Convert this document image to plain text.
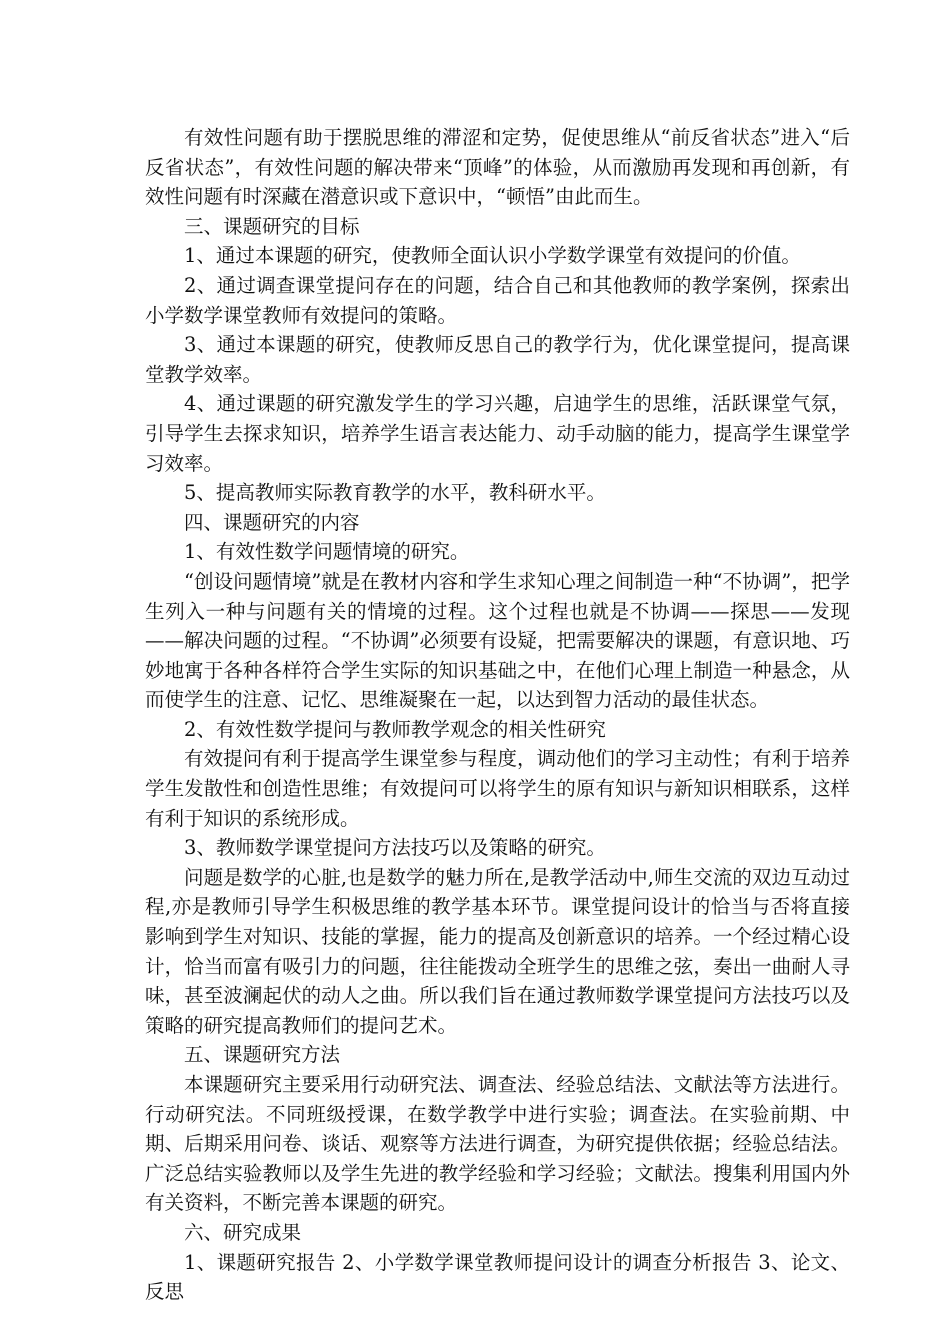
有效性问题有助于摆脱思维的滞涩和定势，促使思维从“前反省状态”进入“后反省状态”，有效性问题的解决带来“顶峰”的体验，从而激励再发现和再创新，有效性问题有时深藏在潜意识或下意识中，“顿悟”由此而生。

三、课题研究的目标

1、通过本课题的研究，使教师全面认识小学数学课堂有效提问的价值。

2、通过调查课堂提问存在的问题，结合自己和其他教师的教学案例，探索出小学数学课堂教师有效提问的策略。

3、通过本课题的研究，使教师反思自己的教学行为，优化课堂提问，提高课堂教学效率。

4、通过课题的研究激发学生的学习兴趣，启迪学生的思维，活跃课堂气氛，引导学生去探求知识，培养学生语言表达能力、动手动脑的能力，提高学生课堂学习效率。

5、提高教师实际教育教学的水平，教科研水平。

四、课题研究的内容

1、有效性数学问题情境的研究。

“创设问题情境”就是在教材内容和学生求知心理之间制造一种“不协调”，把学生列入一种与问题有关的情境的过程。这个过程也就是不协调——探思——发现——解决问题的过程。“不协调”必须要有设疑，把需要解决的课题，有意识地、巧妙地寓于各种各样符合学生实际的知识基础之中，在他们心理上制造一种悬念，从而使学生的注意、记忆、思维凝聚在一起，以达到智力活动的最佳状态。

2、有效性数学提问与教师教学观念的相关性研究

有效提问有利于提高学生课堂参与程度，调动他们的学习主动性；有利于培养学生发散性和创造性思维；有效提问可以将学生的原有知识与新知识相联系，这样有利于知识的系统形成。

3、教师数学课堂提问方法技巧以及策略的研究。

问题是数学的心脏,也是数学的魅力所在,是教学活动中,师生交流的双边互动过程,亦是教师引导学生积极思维的教学基本环节。课堂提问设计的恰当与否将直接影响到学生对知识、技能的掌握，能力的提高及创新意识的培养。一个经过精心设计，恰当而富有吸引力的问题，往往能拨动全班学生的思维之弦，奏出一曲耐人寻味，甚至波澜起伏的动人之曲。所以我们旨在通过教师数学课堂提问方法技巧以及策略的研究提高教师们的提问艺术。

五、课题研究方法

本课题研究主要采用行动研究法、调查法、经验总结法、文献法等方法进行。行动研究法。不同班级授课，在数学教学中进行实验；调查法。在实验前期、中期、后期采用问卷、谈话、观察等方法进行调查，为研究提供依据；经验总结法。广泛总结实验教师以及学生先进的教学经验和学习经验；文献法。搜集利用国内外有关资料，不断完善本课题的研究。

六、研究成果

1、课题研究报告 2、小学数学课堂教师提问设计的调查分析报告 3、论文、反思
